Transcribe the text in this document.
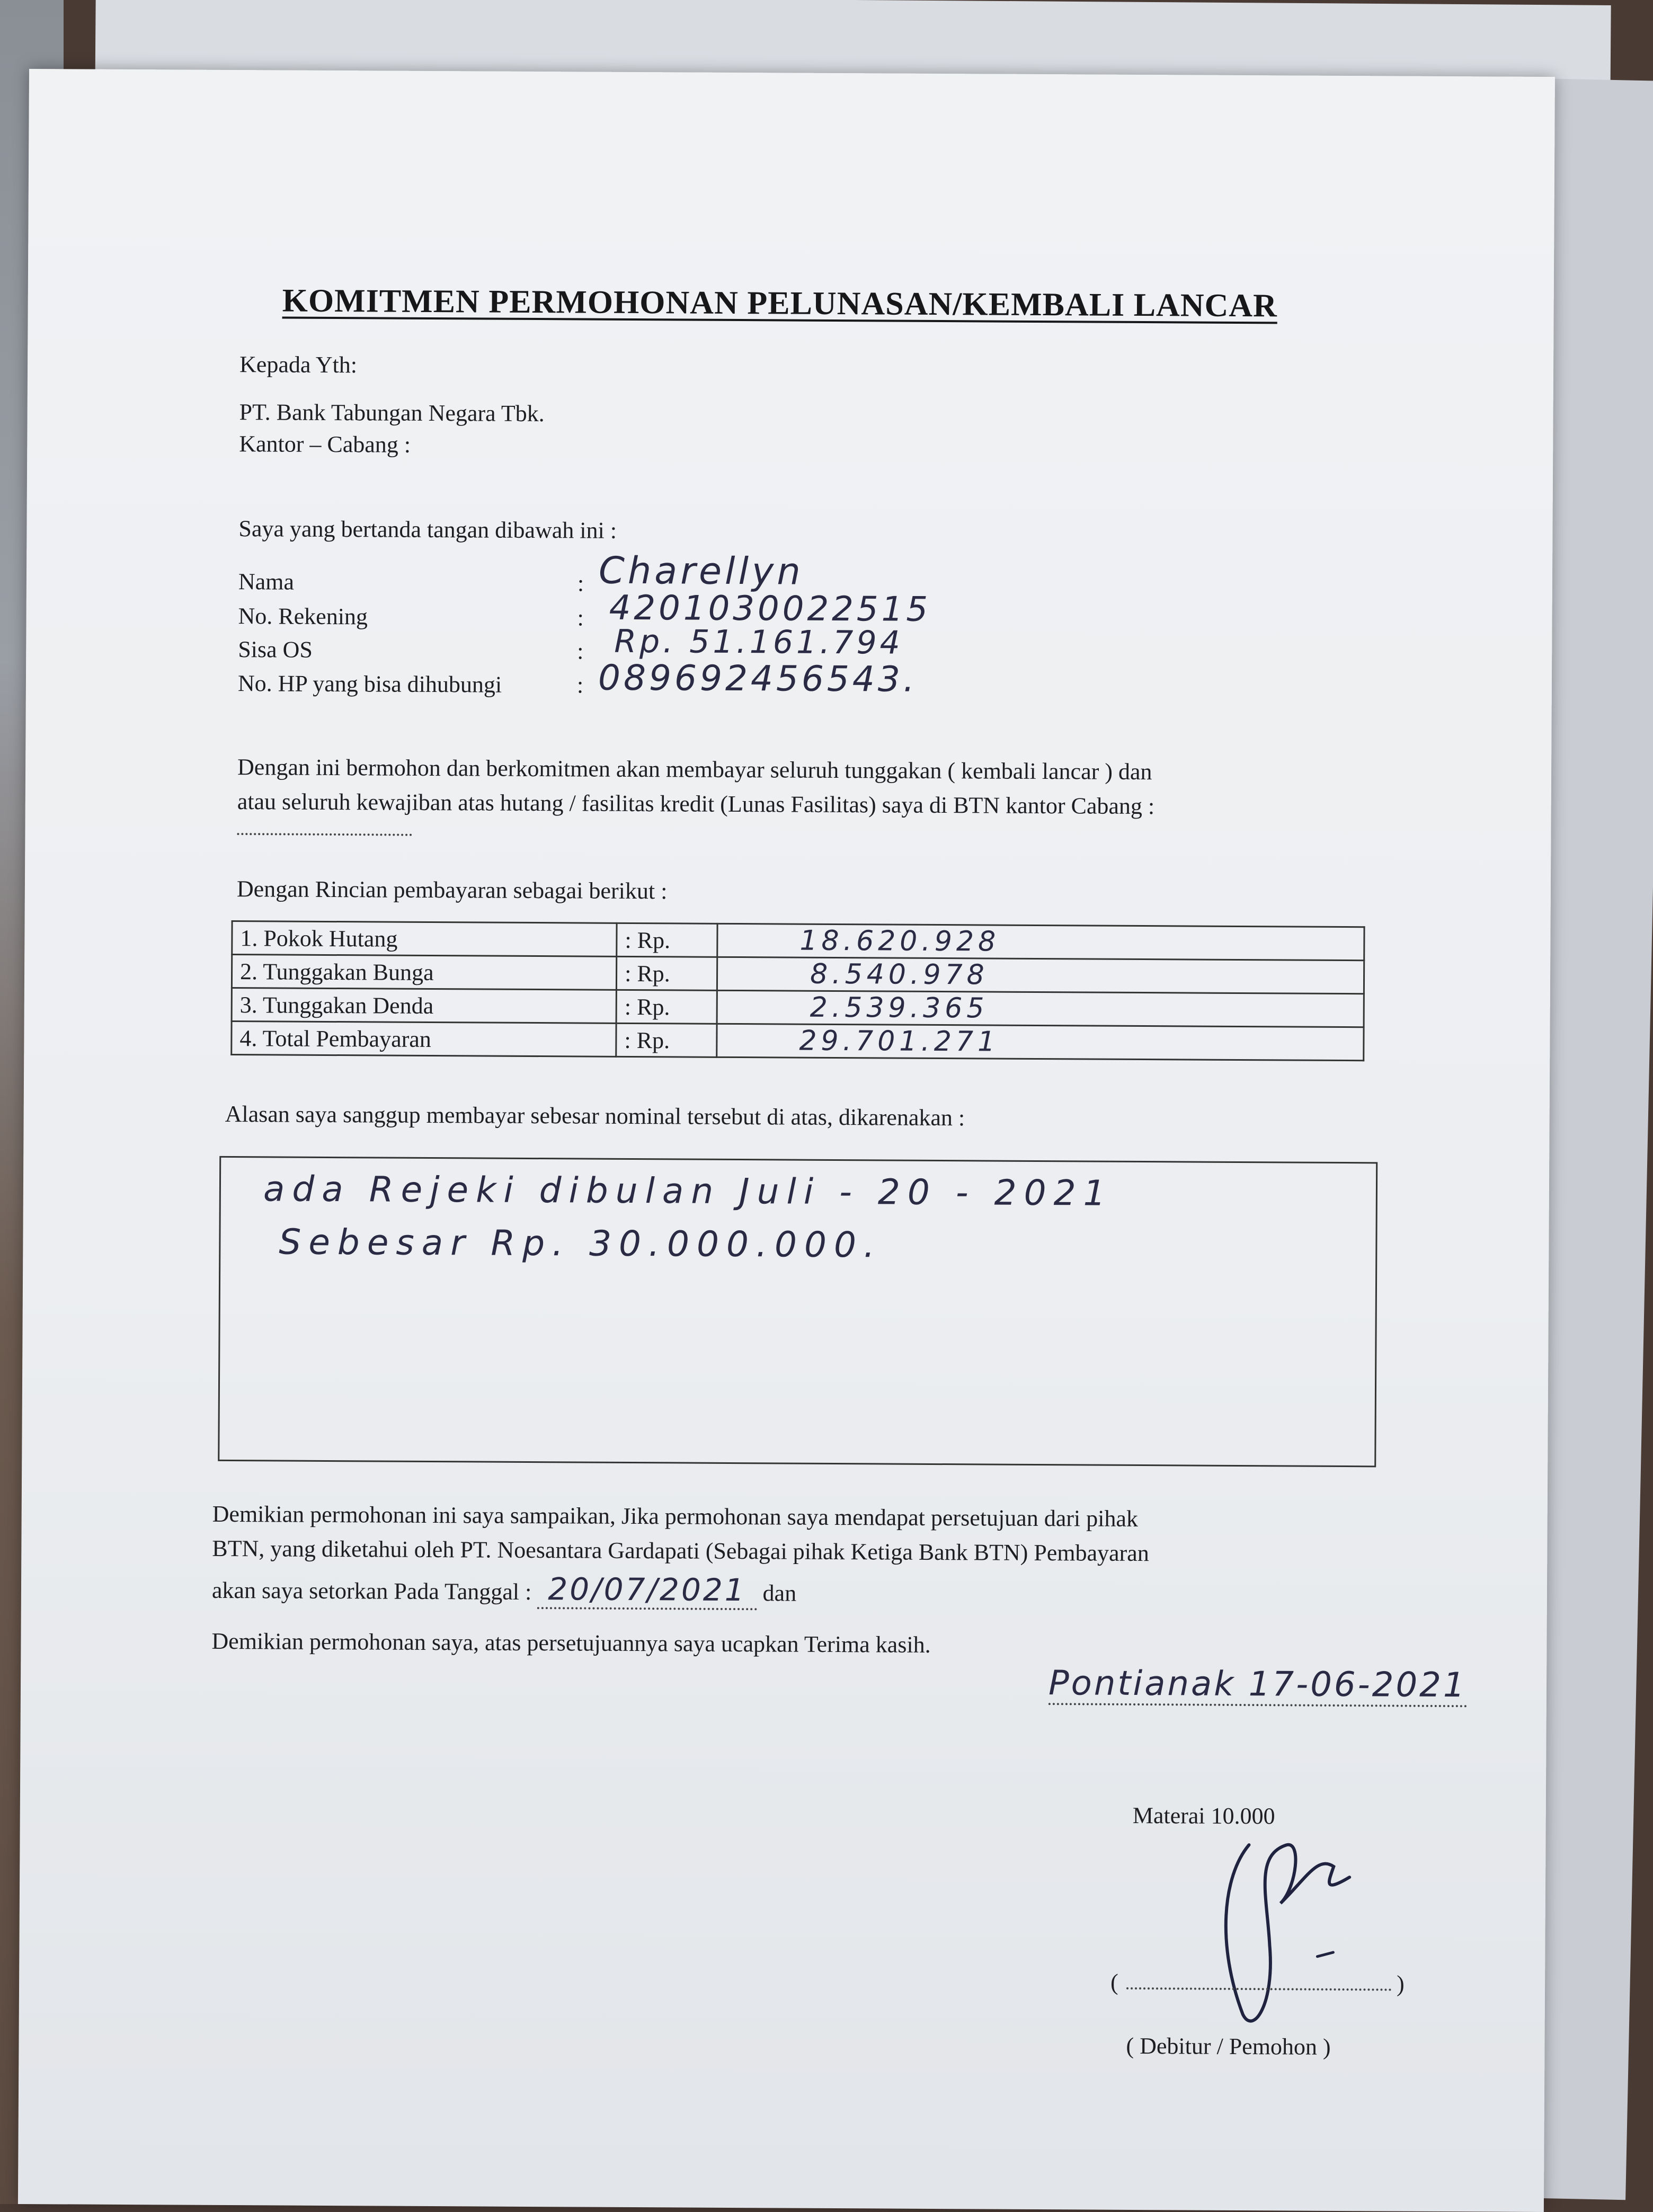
KOMITMEN PERMOHONAN PELUNASAN/KEMBALI LANCAR
Kepada Yth:
PT. Bank Tabungan Negara Tbk.
Kantor – Cabang :
Saya yang bertanda tangan dibawah ini :
Nama	: Charellyn
No. Rekening	: 4201030022515
Sisa OS	: Rp. 51.161.794
No. HP yang bisa dihubungi	: 089692456543.
Dengan ini bermohon dan berkomitmen akan membayar seluruh tunggakan ( kembali lancar ) dan
atau seluruh kewajiban atas hutang / fasilitas kredit (Lunas Fasilitas) saya di BTN kantor Cabang :
Dengan Rincian pembayaran sebagai berikut :
1. Pokok Hutang	: Rp.	18.620.928
2. Tunggakan Bunga	: Rp.	8.540.978
3. Tunggakan Denda	: Rp.	2.539.365
4. Total Pembayaran	: Rp.	29.701.271
Alasan saya sanggup membayar sebesar nominal tersebut di atas, dikarenakan :
ada Rejeki dibulan Juli - 20 - 2021
Sebesar Rp. 30.000.000.
Demikian permohonan ini saya sampaikan, Jika permohonan saya mendapat persetujuan dari pihak
BTN, yang diketahui oleh PT. Noesantara Gardapati (Sebagai pihak Ketiga Bank BTN) Pembayaran
akan saya setorkan Pada Tanggal : 20/07/2021 dan
Demikian permohonan saya, atas persetujuannya saya ucapkan Terima kasih.
Pontianak 17-06-2021
Materai 10.000
(	)
( Debitur / Pemohon )
